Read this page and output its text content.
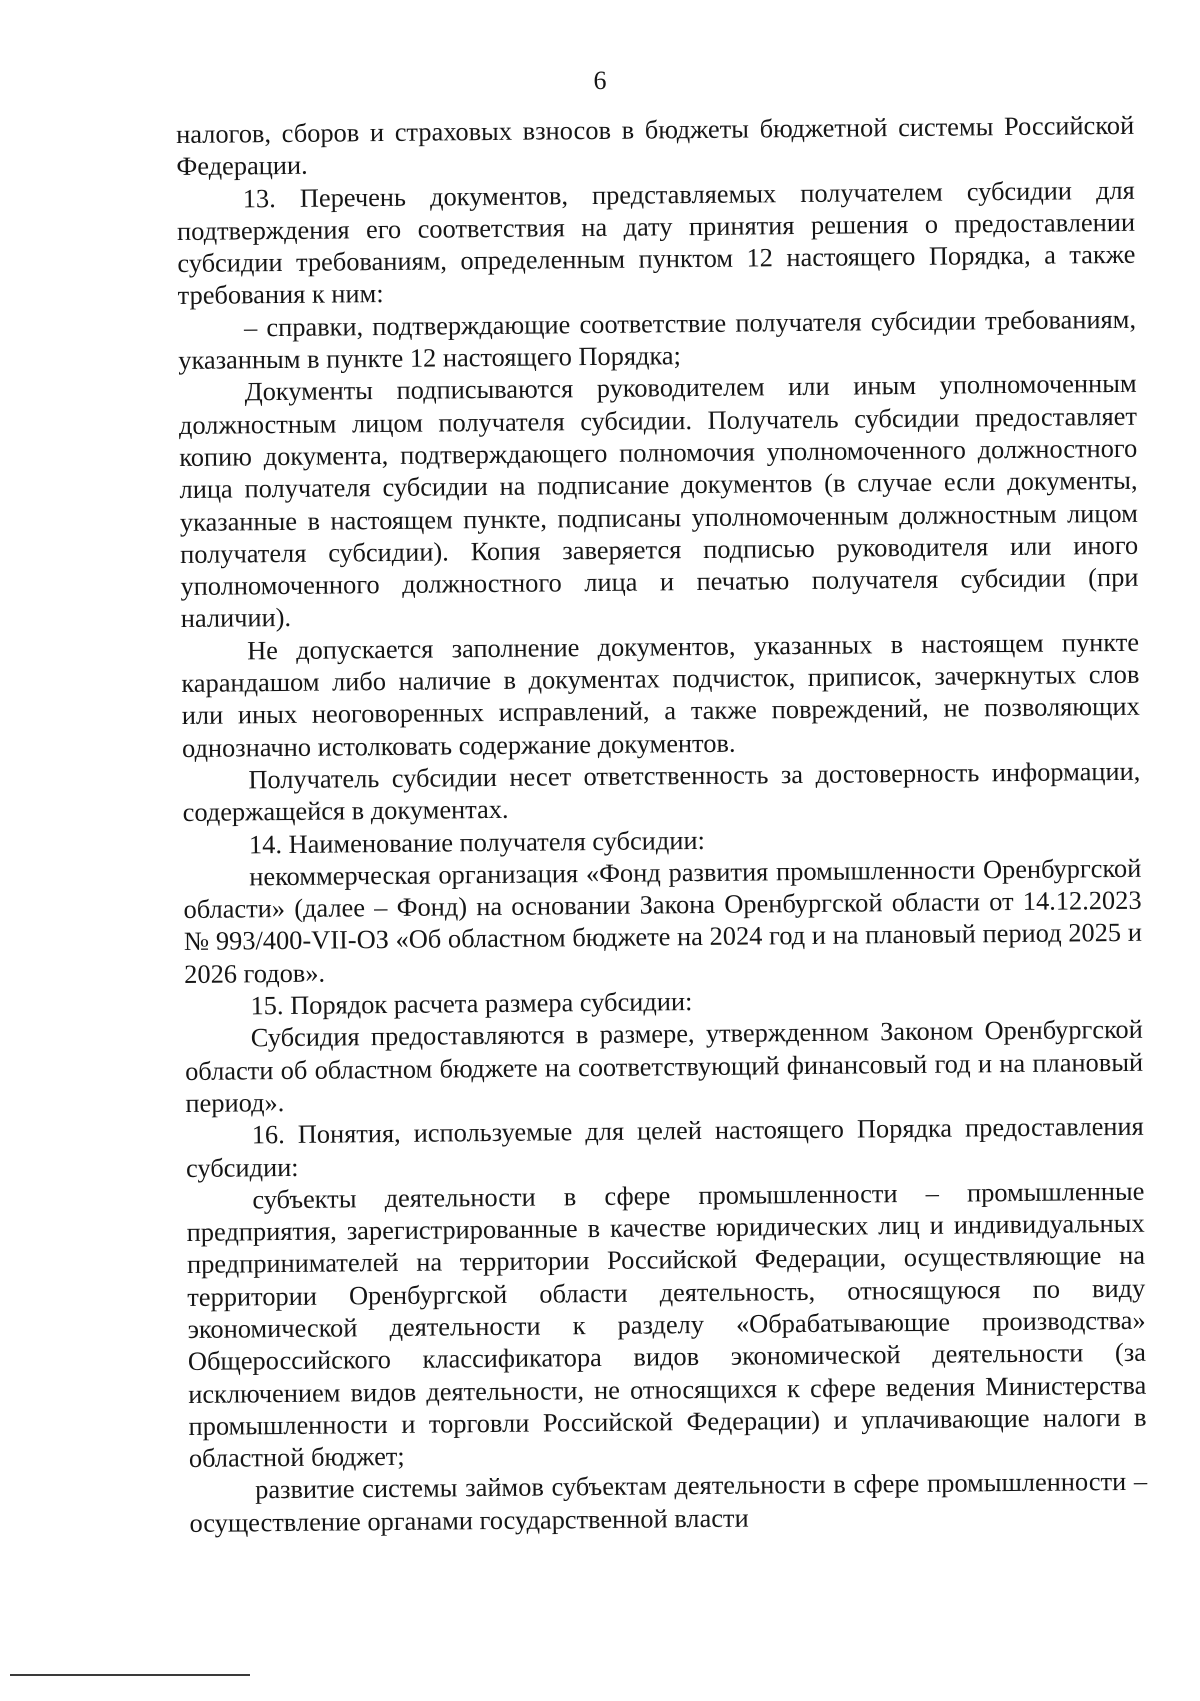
6

налогов, сборов и страховых взносов в бюджеты бюджетной системы Российской Федерации.

13. Перечень документов, представляемых получателем субсидии для подтверждения его соответствия на дату принятия решения о предоставлении субсидии требованиям, определенным пунктом 12 настоящего Порядка, а также требования к ним:

– справки, подтверждающие соответствие получателя субсидии требованиям, указанным в пункте 12 настоящего Порядка;

Документы подписываются руководителем или иным уполномоченным должностным лицом получателя субсидии. Получатель субсидии предоставляет копию документа, подтверждающего полномочия уполномоченного должностного лица получателя субсидии на подписание документов (в случае если документы, указанные в настоящем пункте, подписаны уполномоченным должностным лицом получателя субсидии). Копия заверяется подписью руководителя или иного уполномоченного должностного лица и печатью получателя субсидии (при наличии).

Не допускается заполнение документов, указанных в настоящем пункте карандашом либо наличие в документах подчисток, приписок, зачеркнутых слов или иных неоговоренных исправлений, а также повреждений, не позволяющих однозначно истолковать содержание документов.

Получатель субсидии несет ответственность за достоверность информации, содержащейся в документах.

14. Наименование получателя субсидии:

некоммерческая организация «Фонд развития промышленности Оренбургской области» (далее – Фонд) на основании Закона Оренбургской области от 14.12.2023 № 993/400-VII-ОЗ «Об областном бюджете на 2024 год и на плановый период 2025 и 2026 годов».

15. Порядок расчета размера субсидии:

Субсидия предоставляются в размере, утвержденном Законом Оренбургской области об областном бюджете на соответствующий финансовый год и на плановый период».

16. Понятия, используемые для целей настоящего Порядка предоставления субсидии:

субъекты деятельности в сфере промышленности – промышленные предприятия, зарегистрированные в качестве юридических лиц и индивидуальных предпринимателей на территории Российской Федерации, осуществляющие на территории Оренбургской области деятельность, относящуюся по виду экономической деятельности к разделу «Обрабатывающие производства» Общероссийского классификатора видов экономической деятельности (за исключением видов деятельности, не относящихся к сфере ведения Министерства промышленности и торговли Российской Федерации) и уплачивающие налоги в областной бюджет;

развитие системы займов субъектам деятельности в сфере промышленности – осуществление органами государственной власти
